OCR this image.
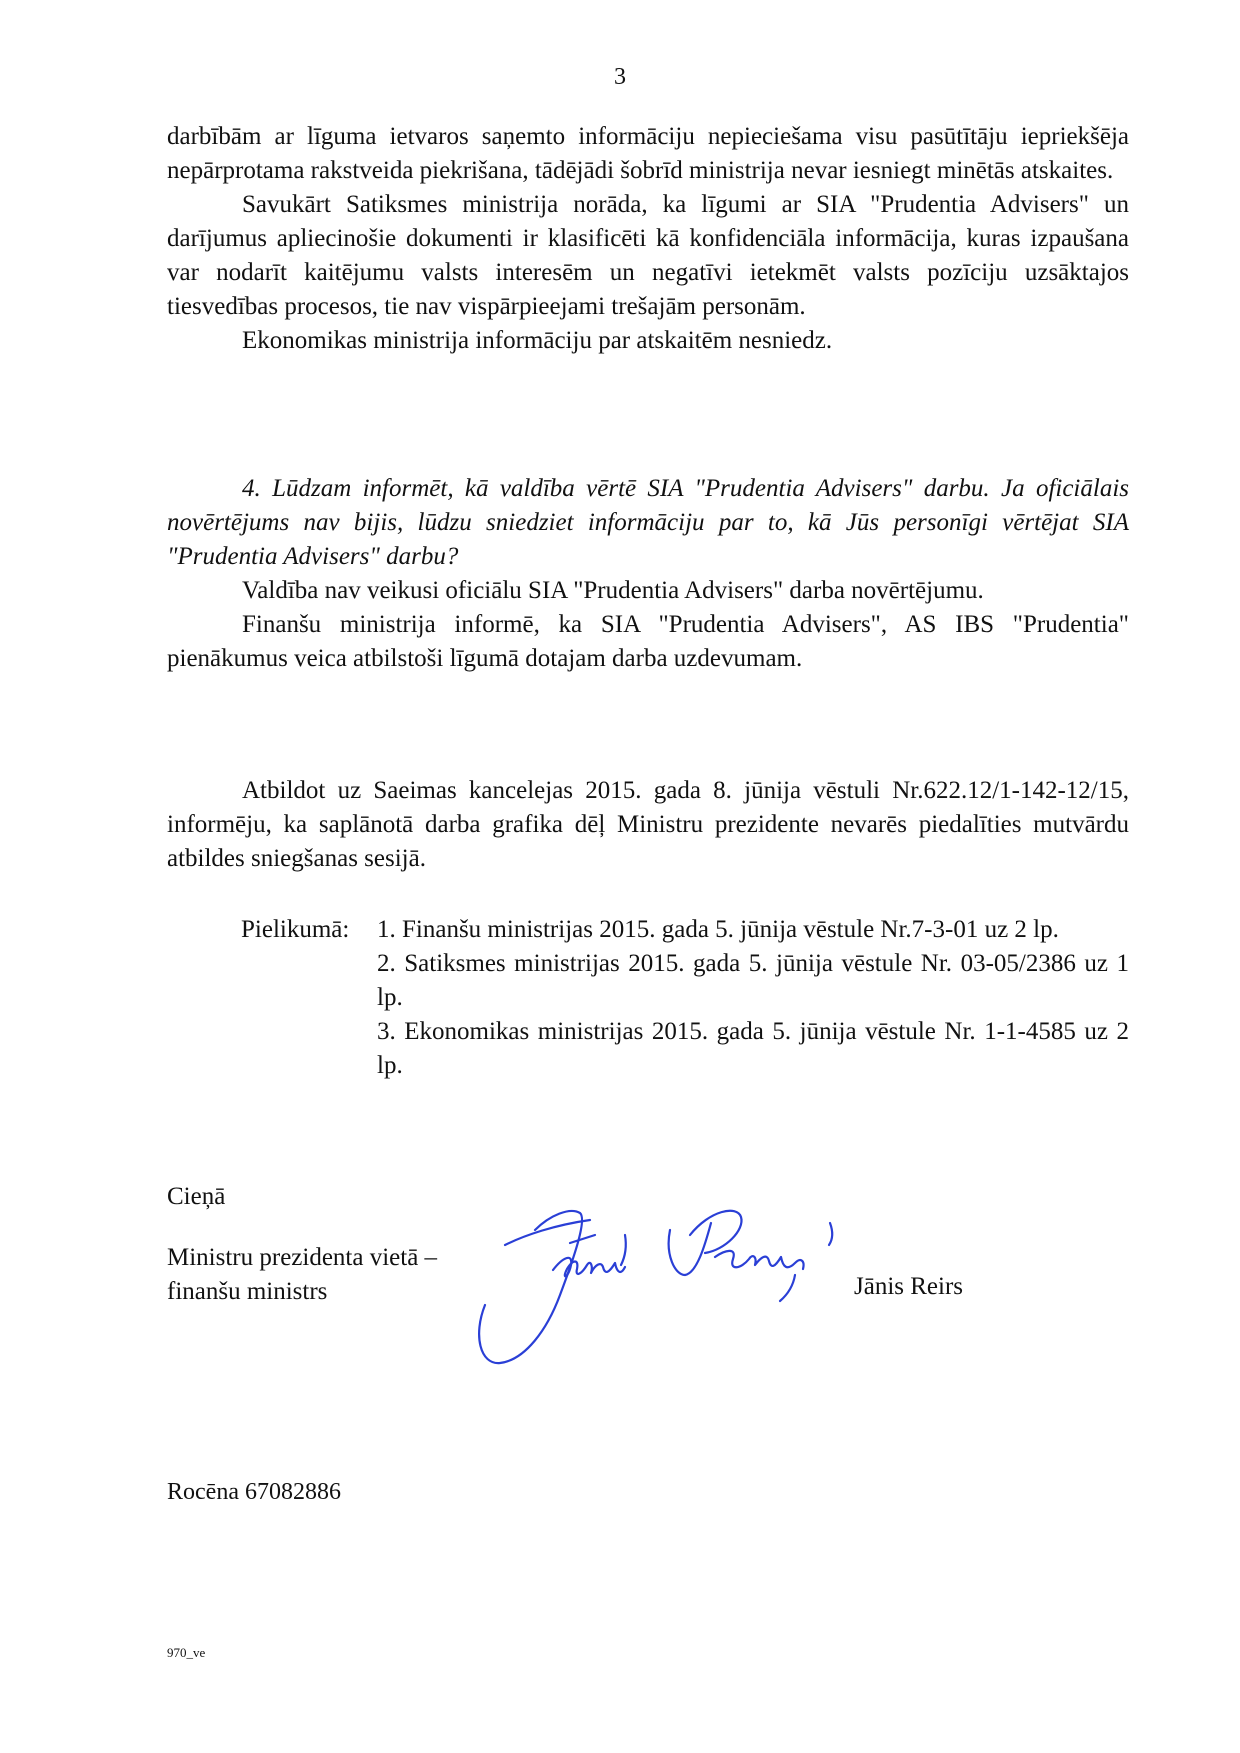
3

darbībām ar līguma ietvaros saņemto informāciju nepieciešama visu pasūtītāju iepriekšēja nepārprotama rakstveida piekrišana, tādējādi šobrīd ministrija nevar iesniegt minētās atskaites.

Savukārt Satiksmes ministrija norāda, ka līgumi ar SIA "Prudentia Advisers" un darījumus apliecinošie dokumenti ir klasificēti kā konfidenciāla informācija, kuras izpaušana var nodarīt kaitējumu valsts interesēm un negatīvi ietekmēt valsts pozīciju uzsāktajos tiesvedības procesos, tie nav vispārpieejami trešajām personām.

Ekonomikas ministrija informāciju par atskaitēm nesniedz.

4. Lūdzam informēt, kā valdība vērtē SIA "Prudentia Advisers" darbu. Ja oficiālais novērtējums nav bijis, lūdzu sniedziet informāciju par to, kā Jūs personīgi vērtējat SIA "Prudentia Advisers" darbu?

Valdība nav veikusi oficiālu SIA "Prudentia Advisers" darba novērtējumu.

Finanšu ministrija informē, ka SIA "Prudentia Advisers", AS IBS "Prudentia" pienākumus veica atbilstoši līgumā dotajam darba uzdevumam.

Atbildot uz Saeimas kancelejas 2015. gada 8. jūnija vēstuli Nr.622.12/1-142-12/15, informēju, ka saplānotā darba grafika dēļ Ministru prezidente nevarēs piedalīties mutvārdu atbildes sniegšanas sesijā.

Pielikumā: 1. Finanšu ministrijas 2015. gada 5. jūnija vēstule Nr.7-3-01 uz 2 lp.

2. Satiksmes ministrijas 2015. gada 5. jūnija vēstule Nr. 03-05/2386 uz 1 lp.

3. Ekonomikas ministrijas 2015. gada 5. jūnija vēstule Nr. 1-1-4585 uz 2 lp.

Cieņā
Ministru prezidenta vietā –
finanšu ministrs	Jānis Reirs
Rocēna 67082886
970_ve
